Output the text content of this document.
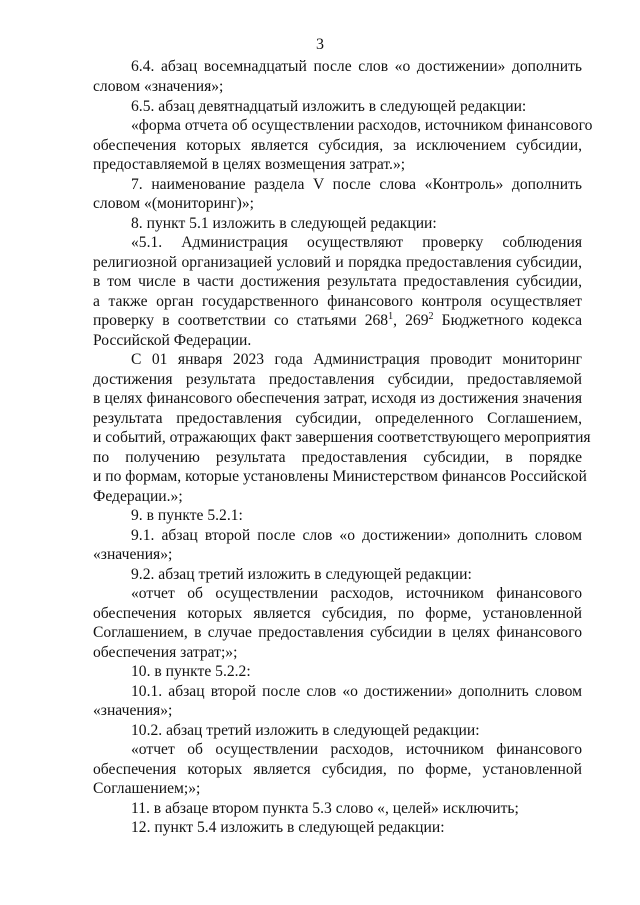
3
6.4. абзац восемнадцатый после слов «о достижении» дополнить
словом «значения»;
6.5. абзац девятнадцатый изложить в следующей редакции:
«форма отчета об осуществлении расходов, источником финансового
обеспечения которых является субсидия, за исключением субсидии,
предоставляемой в целях возмещения затрат.»;
7. наименование раздела V после слова «Контроль» дополнить
словом «(мониторинг)»;
8. пункт 5.1 изложить в следующей редакции:
«5.1. Администрация осуществляют проверку соблюдения
религиозной организацией условий и порядка предоставления субсидии,
в том числе в части достижения результата предоставления субсидии,
а также орган государственного финансового контроля осуществляет
проверку в соответствии со статьями $268^1$, $269^2$ Бюджетного кодекса
Российской Федерации.
С 01 января 2023 года Администрация проводит мониторинг
достижения результата предоставления субсидии, предоставляемой
в целях финансового обеспечения затрат, исходя из достижения значения
результата предоставления субсидии, определенного Соглашением,
и событий, отражающих факт завершения соответствующего мероприятия
по получению результата предоставления субсидии, в порядке
и по формам, которые установлены Министерством финансов Российской
Федерации.»;
9. в пункте 5.2.1:
9.1. абзац второй после слов «о достижении» дополнить словом
«значения»;
9.2. абзац третий изложить в следующей редакции:
«отчет об осуществлении расходов, источником финансового
обеспечения которых является субсидия, по форме, установленной
Соглашением, в случае предоставления субсидии в целях финансового
обеспечения затрат;»;
10. в пункте 5.2.2:
10.1. абзац второй после слов «о достижении» дополнить словом
«значения»;
10.2. абзац третий изложить в следующей редакции:
«отчет об осуществлении расходов, источником финансового
обеспечения которых является субсидия, по форме, установленной
Соглашением;»;
11. в абзаце втором пункта 5.3 слово «, целей» исключить;
12. пункт 5.4 изложить в следующей редакции:
